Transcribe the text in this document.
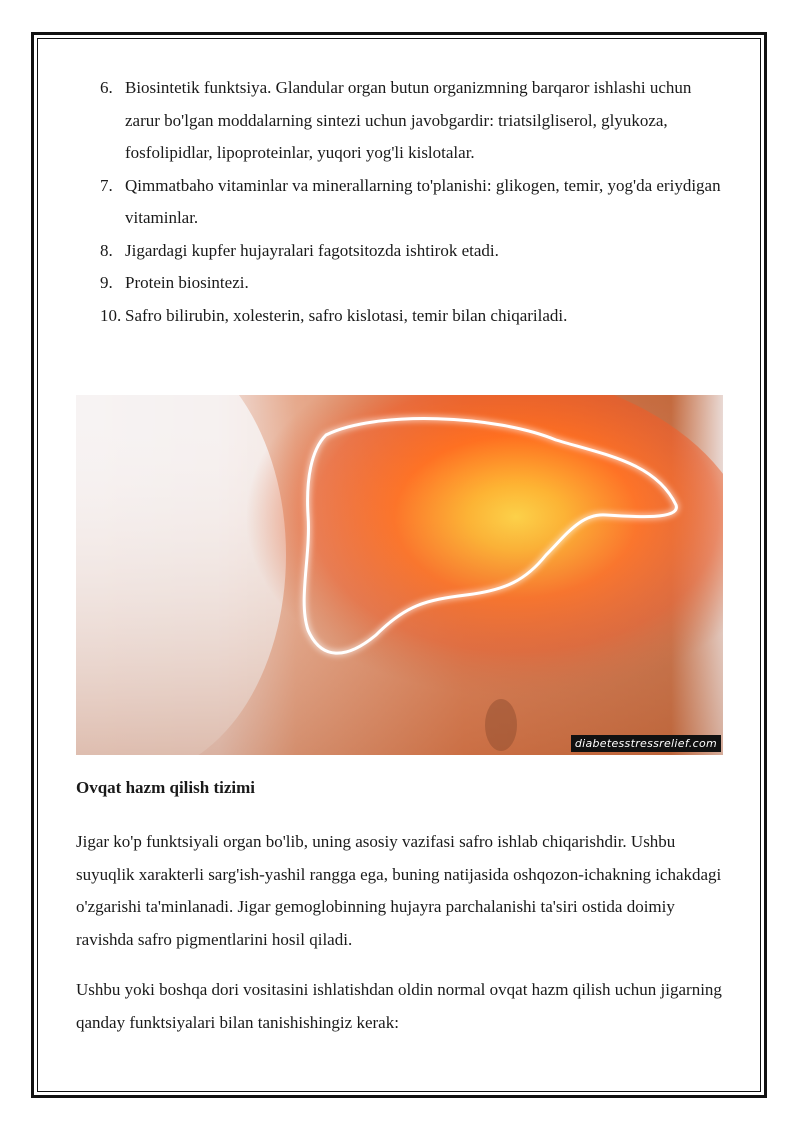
6. Biosintetik funktsiya. Glandular organ butun organizmning barqaror ishlashi uchun zarur bo'lgan moddalarning sintezi uchun javobgardir: triatsilgliserol, glyukoza, fosfolipidlar, lipoproteinlar, yuqori yog'li kislotalar.
7. Qimmatbaho vitaminlar va minerallarning to'planishi: glikogen, temir, yog'da eriydigan vitaminlar.
8. Jigardagi kupfer hujayralari fagotsitozda ishtirok etadi.
9. Protein biosintezi.
10. Safro bilirubin, xolesterin, safro kislotasi, temir bilan chiqariladi.
diabetesstressrelief.com
Ovqat hazm qilish tizimi

Jigar ko'p funktsiyali organ bo'lib, uning asosiy vazifasi safro ishlab chiqarishdir. Ushbu suyuqlik xarakterli sarg'ish-yashil rangga ega, buning natijasida oshqozon-ichakning ichakdagi o'zgarishi ta'minlanadi. Jigar gemoglobinning hujayra parchalanishi ta'siri ostida doimiy ravishda safro pigmentlarini hosil qiladi.

Ushbu yoki boshqa dori vositasini ishlatishdan oldin normal ovqat hazm qilish uchun jigarning qanday funktsiyalari bilan tanishishingiz kerak:
